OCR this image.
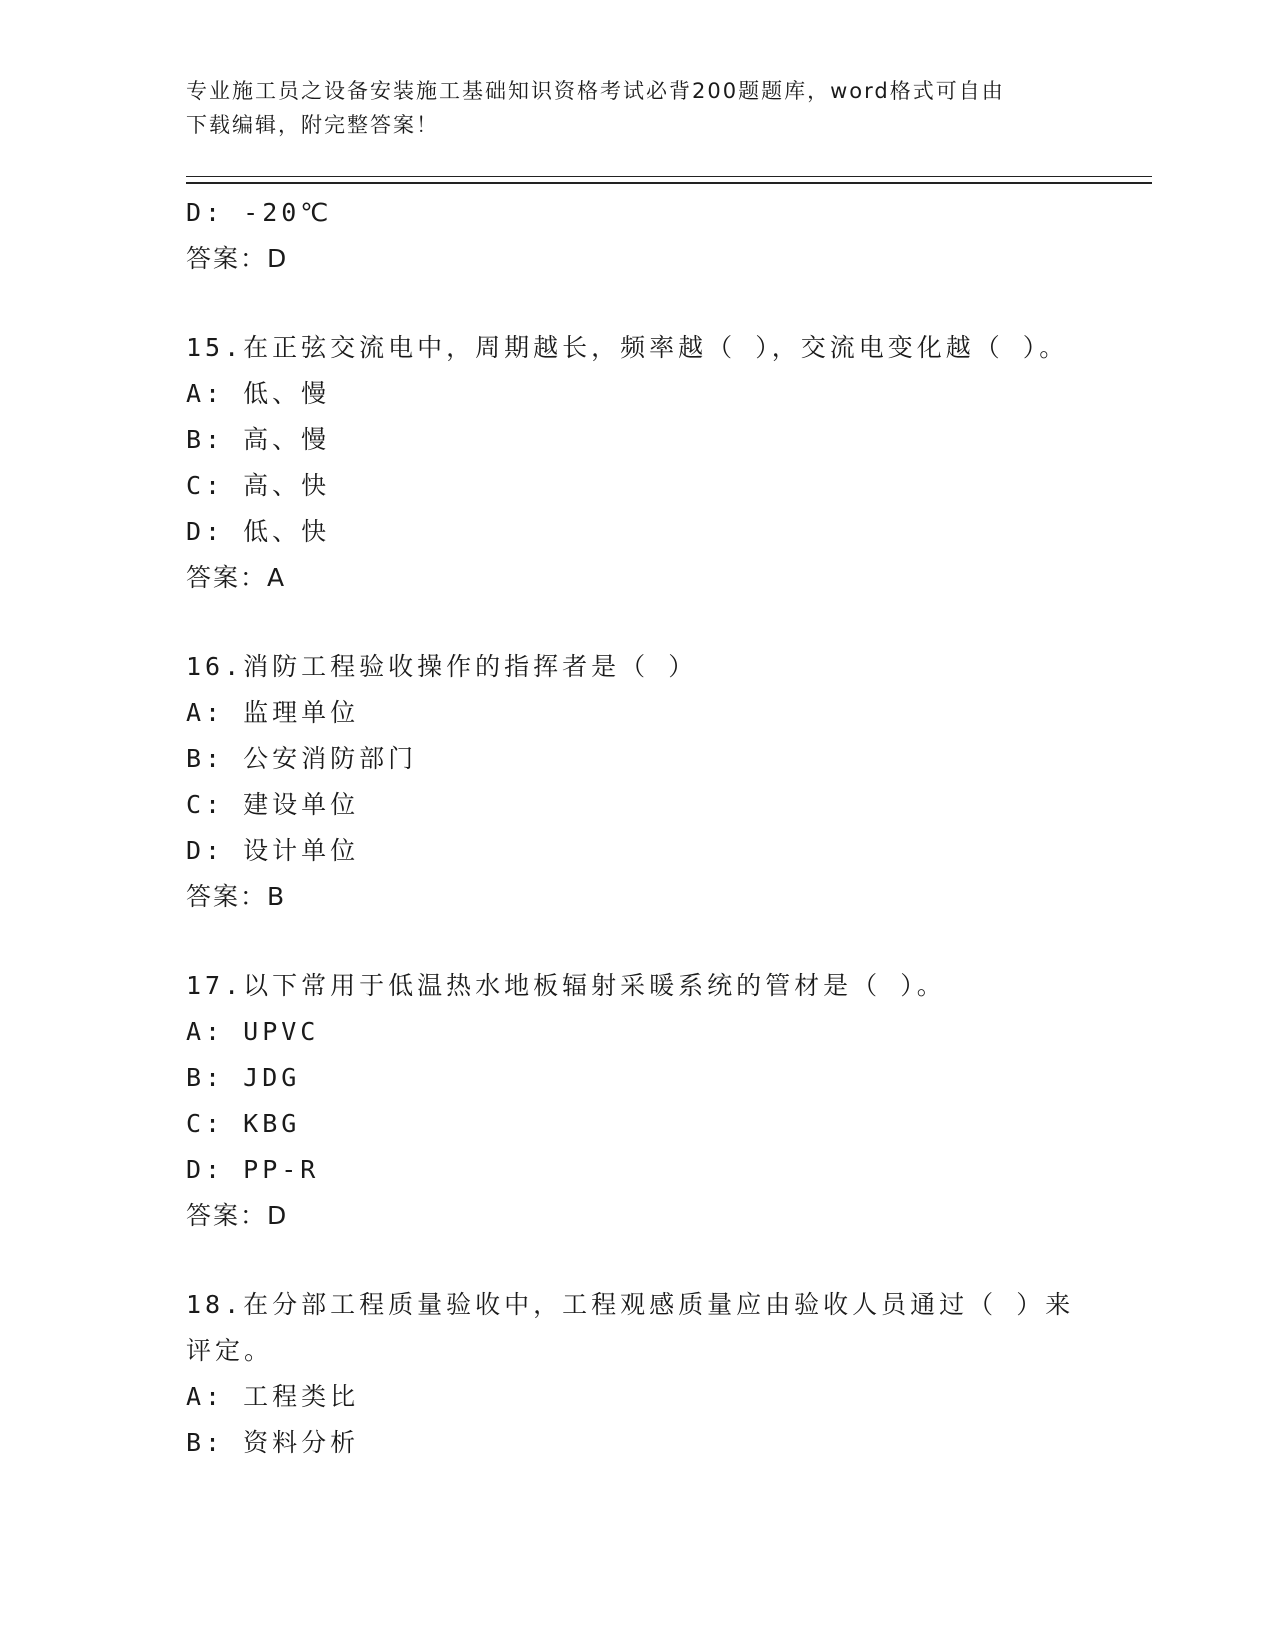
专业施工员之设备安装施工基础知识资格考试必背200题题库，word格式可自由
下载编辑，附完整答案！
D: -20℃
答案：D
15.在正弦交流电中，周期越长，频率越（ ），交流电变化越（ ）。
A: 低、慢
B: 高、慢
C: 高、快
D: 低、快
答案：A
16.消防工程验收操作的指挥者是（ ）
A: 监理单位
B: 公安消防部门
C: 建设单位
D: 设计单位
答案：B
17.以下常用于低温热水地板辐射采暖系统的管材是（ ）。
A: UPVC
B: JDG
C: KBG
D: PP-R
答案：D
18.在分部工程质量验收中，工程观感质量应由验收人员通过（ ）来
评定。
A: 工程类比
B: 资料分析
